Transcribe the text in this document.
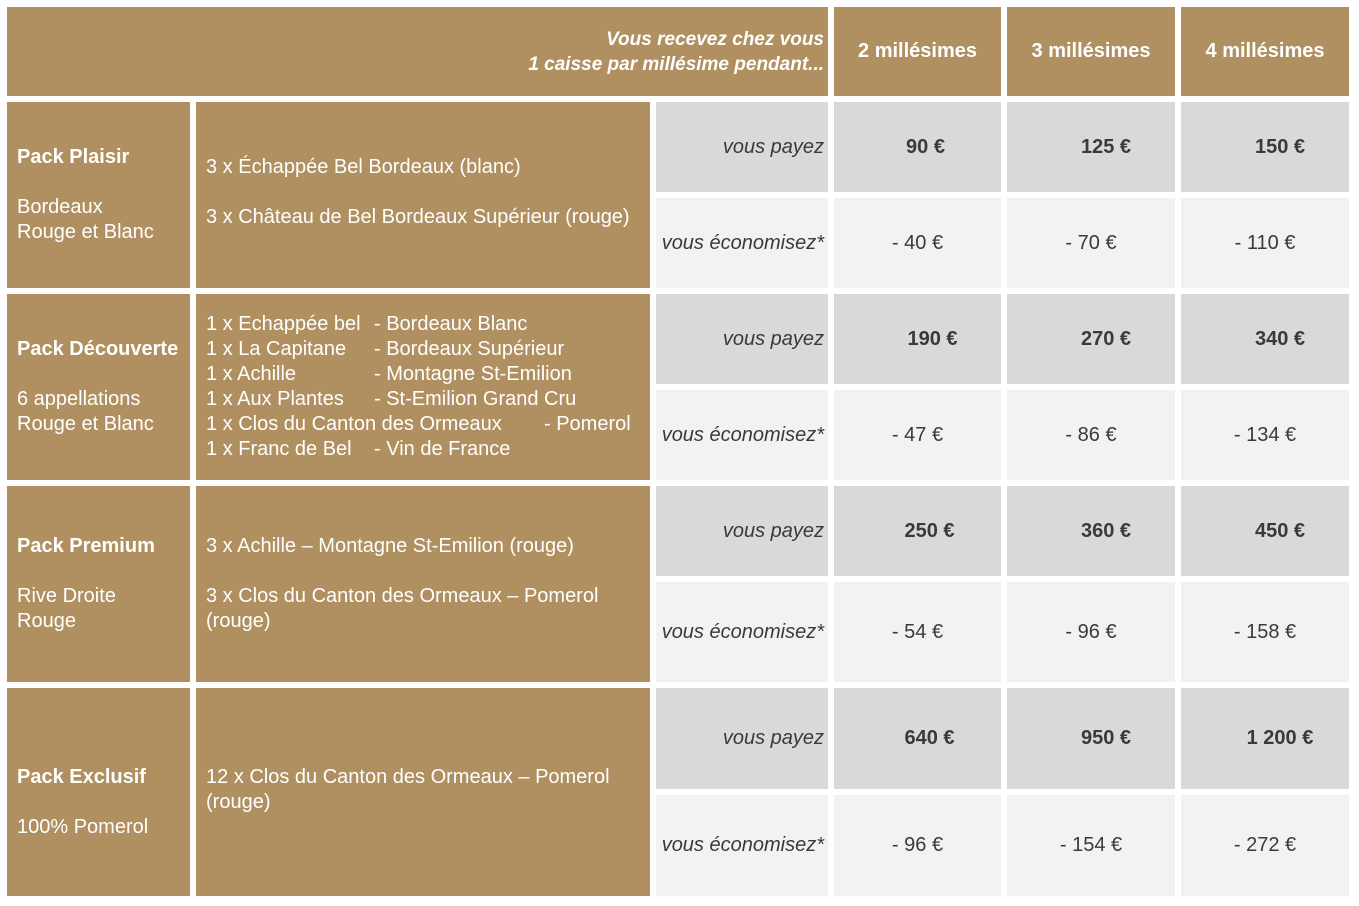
Vous recevez chez vous
1 caisse par millésime pendant...
2 millésimes	3 millésimes	4 millésimes
Pack Plaisir
Bordeaux
Rouge et Blanc

3 x Échappée Bel Bordeaux (blanc)

3 x Château de Bel Bordeaux Supérieur (rouge)

vous payez	90 €	125 €	150 €
vous économisez*	- 40 €	- 70 €	- 110 €
Pack Découverte
6 appellations
Rouge et Blanc
1 x Echappée bel - Bordeaux Blanc
1 x La Capitane - Bordeaux Supérieur
1 x Achille	- Montagne St-Emilion
1 x Aux Plantes - St-Emilion Grand Cru
1 x Clos du Canton des Ormeaux - Pomerol
1 x Franc de Bel - Vin de France
vous payez	190 €	270 €	340 €
vous économisez*	- 47 €	- 86 €	- 134 €
Pack Premium
Rive Droite
Rouge

3 x Achille – Montagne St-Emilion (rouge)

3 x Clos du Canton des Ormeaux – Pomerol (rouge)

vous payez	250 €	360 €	450 €
vous économisez*	- 54 €	- 96 €	- 158 €
Pack Exclusif
100% Pomerol

12 x Clos du Canton des Ormeaux – Pomerol (rouge)

vous payez	640 €	950 €	1 200 €
vous économisez*	- 96 €	- 154 €	- 272 €
